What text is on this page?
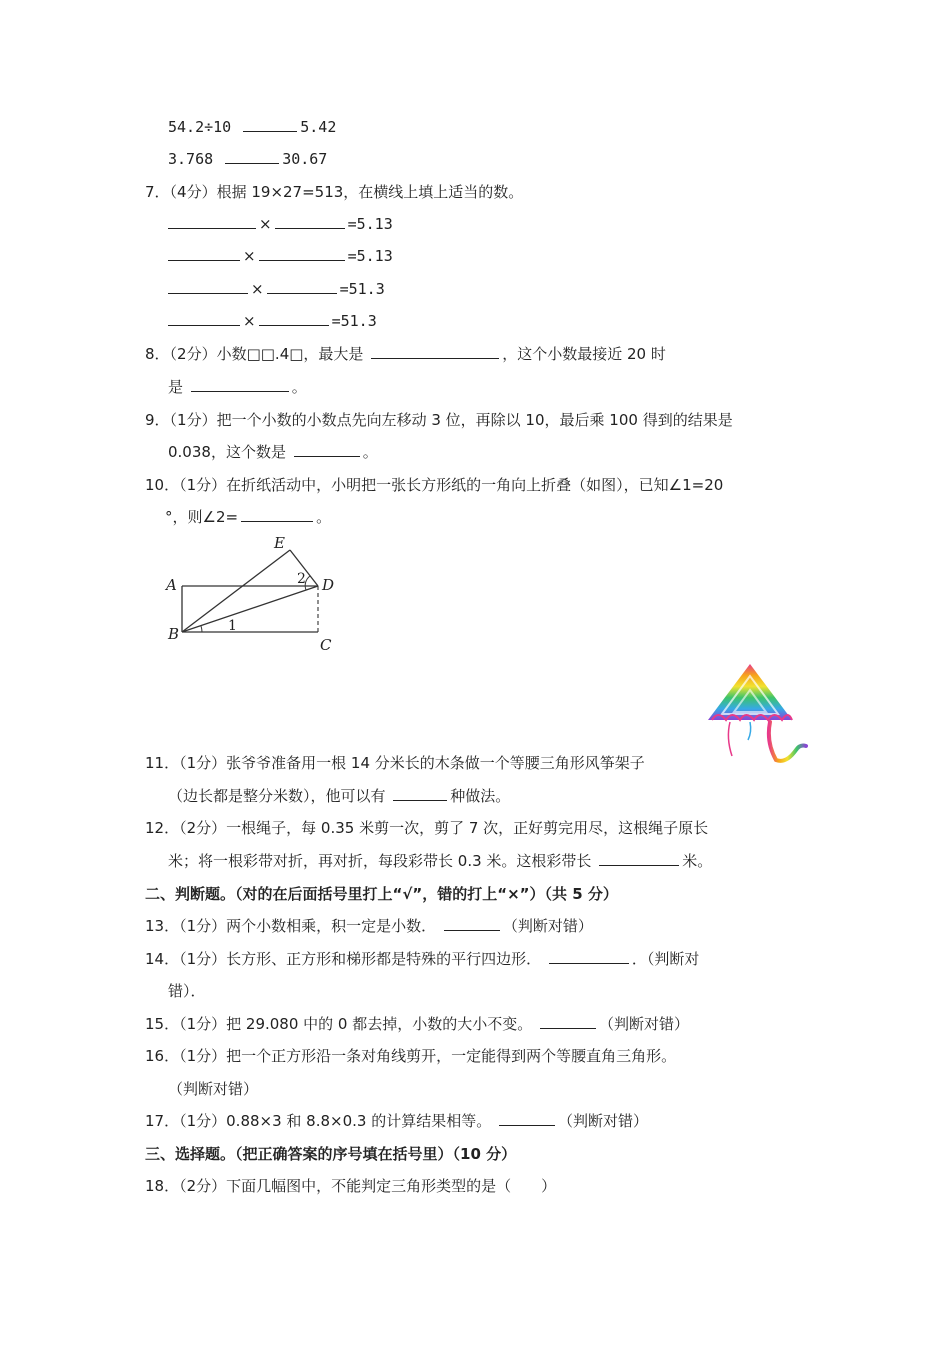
54.2÷10	5.42
3.768	30.67
7．（4分）根据 19×27=513，在横线上填上适当的数。
×	=5.13
×	=5.13
×	=51.3
×	=51.3
8．（2分）小数□□.4□，最大是	，这个小数最接近 20 时
是	。
9．（1分）把一个小数的小数点先向左移动 3 位，再除以 10，最后乘 100 得到的结果是
0.038，这个数是	。
10．（1分）在折纸活动中，小明把一张长方形纸的一角向上折叠（如图），已知∠1=20
°，则∠2=	。
A
B
C
D
E
1
2
11．（1分）张爷爷准备用一根 14 分米长的木条做一个等腰三角形风筝架子
（边长都是整分米数），他可以有	种做法。
12．（2分）一根绳子，每 0.35 米剪一次，剪了 7 次，正好剪完用尽，这根绳子原长
米；将一根彩带对折，再对折，每段彩带长 0.3 米。这根彩带长	米。
二、判断题。（对的在后面括号里打上“√”，错的打上“×”）（共 5 分）
13．（1分）两个小数相乘，积一定是小数．	（判断对错）
14．（1分）长方形、正方形和梯形都是特殊的平行四边形．	．（判断对
错）．
15．（1分）把 29.080 中的 0 都去掉，小数的大小不变。	（判断对错）
16．（1分）把一个正方形沿一条对角线剪开，一定能得到两个等腰直角三角形。
（判断对错）
17．（1分）0.88×3 和 8.8×0.3 的计算结果相等。	（判断对错）
三、选择题。（把正确答案的序号填在括号里）（10 分）
18．（2分）下面几幅图中，不能判定三角形类型的是（　　）
